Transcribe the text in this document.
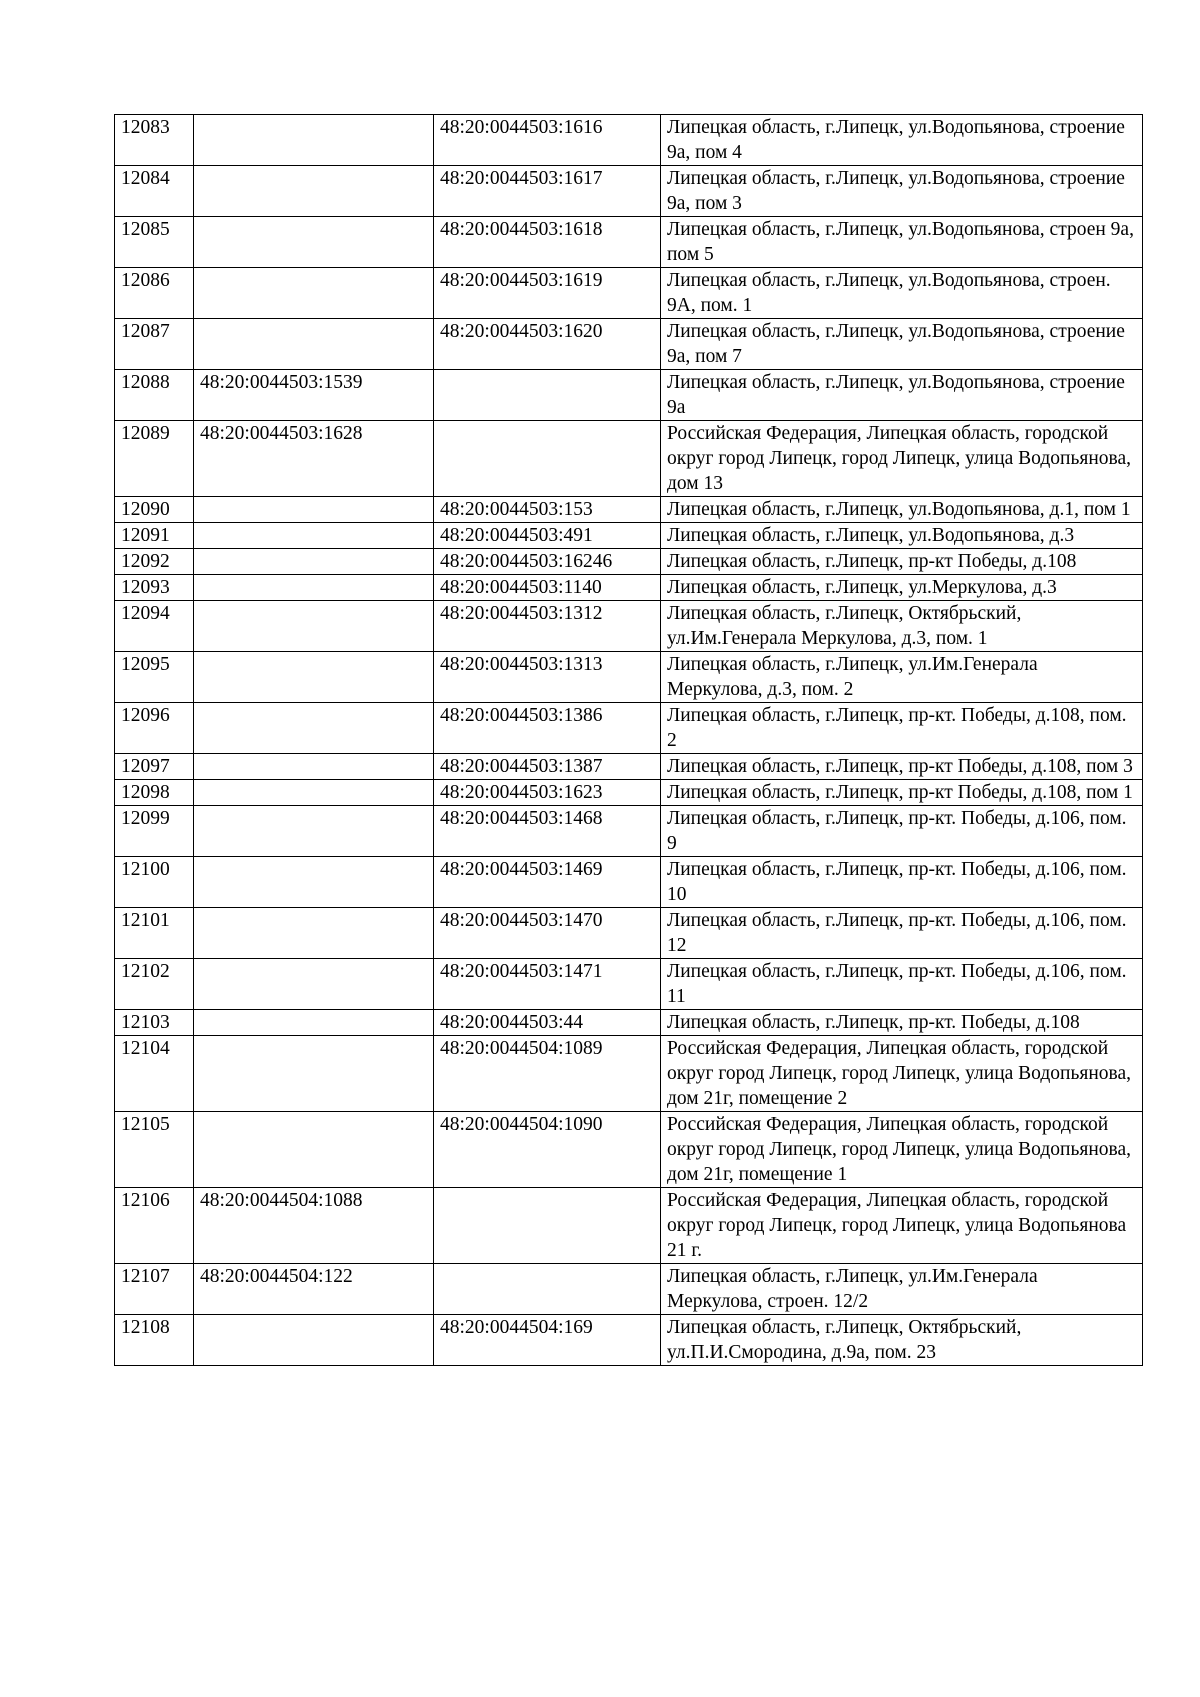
12083		48:20:0044503:1616	Липецкая область, г.Липецк, ул.Водопьянова, строение 9а, пом 4
12084		48:20:0044503:1617	Липецкая область, г.Липецк, ул.Водопьянова, строение 9а, пом 3
12085		48:20:0044503:1618	Липецкая область, г.Липецк, ул.Водопьянова, строен 9а, пом 5
12086		48:20:0044503:1619	Липецкая область, г.Липецк, ул.Водопьянова, строен. 9А, пом. 1
12087		48:20:0044503:1620	Липецкая область, г.Липецк, ул.Водопьянова, строение 9а, пом 7
12088	48:20:0044503:1539		Липецкая область, г.Липецк, ул.Водопьянова, строение 9а
12089	48:20:0044503:1628		Российская Федерация, Липецкая область, городской округ город Липецк, город Липецк, улица Водопьянова, дом 13
12090		48:20:0044503:153	Липецкая область, г.Липецк, ул.Водопьянова, д.1, пом 1
12091		48:20:0044503:491	Липецкая область, г.Липецк, ул.Водопьянова, д.3
12092		48:20:0044503:16246	Липецкая область, г.Липецк, пр-кт Победы, д.108
12093		48:20:0044503:1140	Липецкая область, г.Липецк, ул.Меркулова, д.3
12094		48:20:0044503:1312	Липецкая область, г.Липецк, Октябрьский, ул.Им.Генерала Меркулова, д.3, пом. 1
12095		48:20:0044503:1313	Липецкая область, г.Липецк, ул.Им.Генерала Меркулова, д.3, пом. 2
12096		48:20:0044503:1386	Липецкая область, г.Липецк, пр-кт. Победы, д.108, пом. 2
12097		48:20:0044503:1387	Липецкая область, г.Липецк, пр-кт Победы, д.108, пом 3
12098		48:20:0044503:1623	Липецкая область, г.Липецк, пр-кт Победы, д.108, пом 1
12099		48:20:0044503:1468	Липецкая область, г.Липецк, пр-кт. Победы, д.106, пом. 9
12100		48:20:0044503:1469	Липецкая область, г.Липецк, пр-кт. Победы, д.106, пом. 10
12101		48:20:0044503:1470	Липецкая область, г.Липецк, пр-кт. Победы, д.106, пом. 12
12102		48:20:0044503:1471	Липецкая область, г.Липецк, пр-кт. Победы, д.106, пом. 11
12103		48:20:0044503:44	Липецкая область, г.Липецк, пр-кт. Победы, д.108
12104		48:20:0044504:1089	Российская Федерация, Липецкая область, городской округ город Липецк, город Липецк, улица Водопьянова, дом 21г, помещение 2
12105		48:20:0044504:1090	Российская Федерация, Липецкая область, городской округ город Липецк, город Липецк, улица Водопьянова, дом 21г, помещение 1
12106	48:20:0044504:1088		Российская Федерация, Липецкая область, городской округ город Липецк, город Липецк, улица Водопьянова 21 г.
12107	48:20:0044504:122		Липецкая область, г.Липецк, ул.Им.Генерала Меркулова, строен. 12/2
12108		48:20:0044504:169	Липецкая область, г.Липецк, Октябрьский, ул.П.И.Смородина, д.9а, пом. 23
